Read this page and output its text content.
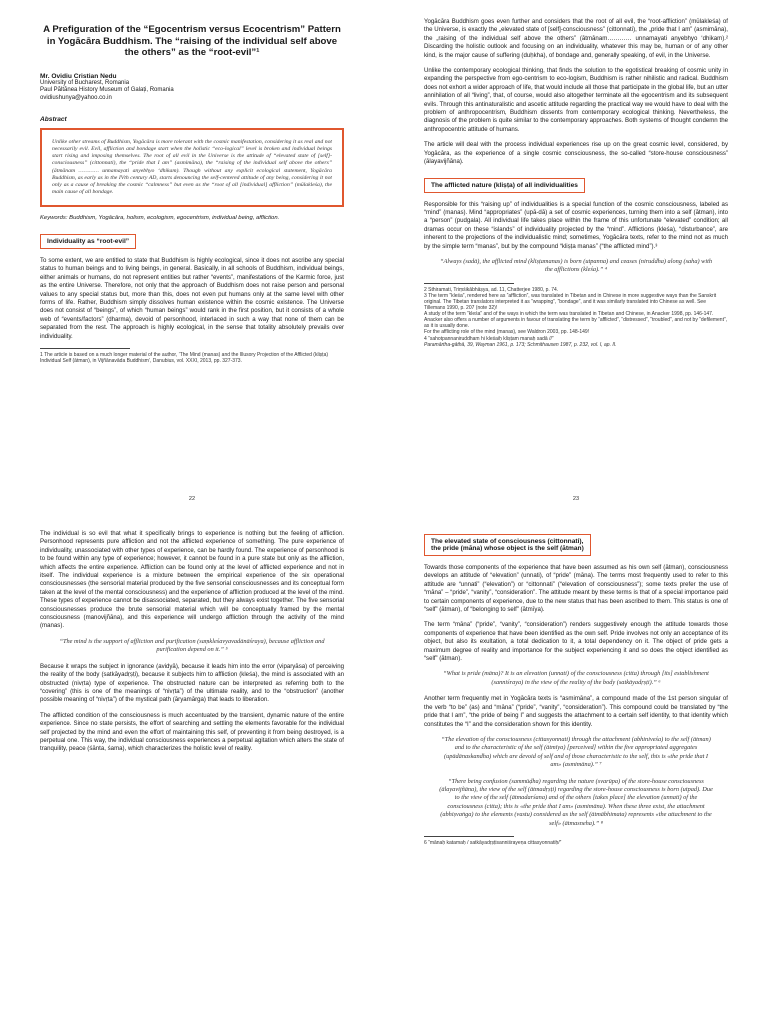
A Prefiguration of the “Egocentrism versus Ecocentrism” Pattern in Yogācāra Buddhism. The “raising of the individual self above the others” as the “root-evil”¹
Mr. Ovidiu Cristian Nedu
University of Bucharest, Romania
Paul Păltănea History Museum of Galați, Romania
ovidiushunya@yahoo.co.in
Abstract
Unlike other streams of Buddhism, Yogācāra is more tolerant with the cosmic manifestation, considering it as real and not necessarily evil. Evil, affliction and bondage start when the holistic “eco-logical” level is broken and individual beings start rising and imposing themselves. The root of all evil in the Universe is the attitude of “elevated state of [self]-consciousness” (cittonnati), the “pride that I am” (asmimāna), the “raising of the individual self above the others” (ātmānam ………… unnamayati anyebhyo ‘dhikam). Though without any explicit ecological statement, Yogācāra Buddhism, as early as in the IVth century AD, starts denouncing the self-centered attitude of any being, considering it not only as a cause of breaking the cosmic “calmness” but even as the “root of all [individual] affliction” (mūlakleśa), the main cause of all bondage.
Keywords: Buddhism, Yogācāra, holism, ecologism, egocentrism, individual being, affliction.
Individuality as “root-evil”

To some extent, we are entitled to state that Buddhism is highly ecological, since it does not ascribe any special status to human beings and to living beings, in general. Basically, in all schools of Buddhism, individual beings, either animals or humans, do not represent entities but rather “events”, manifestations of the Karmic force, just as the entire Universe. Therefore, not only that the approach of Buddhism does not raise person and personal values to any special status but, more than this, does not even put humans only at the same level with other forms of life. Rather, Buddhism simply dissolves human existence within the cosmic existence. The Universe does not consist of “beings”, of which “human beings” would rank in the first position, but it consists of a whole web of “events/factors” (dharma), devoid of personhood, interlaced in such a way that none of them can be separated from the rest. The approach is highly ecological, in the sense that totality absolutely prevails over individuality.

1 The article is based on a much longer material of the author, ‘The Mind (manas) and the Illusory Projection of the Afflicted (kliṣṭa) Individual Self (ātman), in Vijñānavāda Buddhism’, Danubius, vol. XXXI, 2013, pp. 327-373.
22

Yogācāra Buddhism goes even further and considers that the root of all evil, the “root-affliction” (mūlakleśa) of the Universe, is exactly the „elevated state of [self]-consciousness” (cittonnati), the „pride that I am” (asmimāna), the „raising of the individual self above the others” (ātmānam………… unnamayati anyebhyo ‘dhikam).² Discarding the holistic outlook and focusing on an individuality, whatever this may be, human or of any other kind, is the major cause of suffering (duḥkha), of bondage and, generally speaking, of evil, in the Universe.

Unlike the contemporary ecological thinking, that finds the solution to the egotistical breaking of cosmic unity in expanding the perspective from ego-centrism to eco-logism, Buddhism is rather nihilistic and radical. Buddhism does not exhort a wider approach of life, that would include all those that participate in the global life, but an utter annihilation of all “living”, that, of course, would also altogether terminate all the egocentrism and its subsequent evils. Through this antinaturalistic and ascetic attitude regarding the practical way we would have to deal with the problem of anthropocentrism, Buddhism dissents from contemporary ecological thinking. Nevertheless, the diagnosis of the problem is quite similar to the contemporary approaches. Both systems of thought condemn the anthropocentric attitude of humans.

The article will deal with the process individual experiences rise up on the great cosmic level, considered, by Yogācāra, as the experience of a single cosmic consciousness, the so-called “store-house consciousness” (ālayavijñāna).

The afflicted nature (kliṣṭa) of all individualities

Responsible for this “raising up” of individualities is a special function of the cosmic consciousness, labeled as “mind” (manas). Mind “appropriates” (upā-dā) a set of cosmic experiences, turning them into a self (ātman), into a “person” (pudgala). All individual life takes place within the frame of this unfortunate “elevated” condition; all dramas occur on these “islands” of individuality projected by the “mind”. Afflictions (kleśa), “disturbance”, are inherent to the projections of the individualistic mind; sometimes, Yogācāra texts, refer to the mind not as much by the simple term “manas”, but by the compound “kliṣṭa manas” (“the afflicted mind”).³

“Always (sadā), the afflicted mind (kliṣṭamanas) is born (utpanna) and ceases (niruddha) along (saha) with the afflictions (kleśa).” ⁴
2 Sthiramati, Triṃśikābhāṣya, ad. 11, Chatterjee 1980, p. 74.
3 The term “kleśa”, rendered here as “affliction”, was translated in Tibetan and in Chinese in more suggestive ways than the Sanskrit original. The Tibetan translators interpreted it as “wrapping”, “bondage”, and it was similarly translated into Chinese as well. See Tillemans 1990, p. 207 (note 32)!
A study of the term “kleśa” and of the ways in which the term was translated in Tibetan and Chinese, in Anacker 1998, pp. 146-147. Anacker also offers a number of arguments in favour of translating the term by “afflicted”, “distressed”, “troubled”, and not by “defilement”, as it is usually done.
For the afflicting role of the mind (manas), see Waldron 2003, pp. 148-149!
4 “sahotpannaniruddham hi kleśaiḥ kliṣṭam manaḥ sadā //”
Paramārtha-gāthā, 39, Wayman 1961, p. 173; Schmithausen 1987, p. 232, vol. I, ap. II.
23

The individual is so evil that what it specifically brings to experience is nothing but the feeling of affliction. Personhood represents pure affliction and not the afflicted experience of something. The pure experience of individuality, unassociated with other types of experience, can be hardly found. The experience of personhood is to be found within any type of experience; however, it cannot be found in a pure state but only as the affliction, which affects the entire experience. Affliction can be found only at the level of afflicted experience and not in itself. The individual experience is a mixture between the empirical experience of the six operational consciousnesses (the sensorial material produced by the five sensorial consciousnesses and its conceptual form taken at the level of the mental consciousness) and the experience of affliction produced at the level of the mind. These types of experience cannot be disassociated, separated, but they always exist together. The five sensorial consciousnesses produce the brute sensorial material which will be conceptually framed by the mental consciousness (manovijñāna), and this experience will undergo affliction through the activity of the mind (manas).

“The mind is the support of affliction and purification (saṃkleśavyavadānāśraya), because affliction and purification depend on it.” ⁵

Because it wraps the subject in ignorance (avidyā), because it leads him into the error (viparyāsa) of perceiving the reality of the body (satkāyadṛṣṭi), because it subjects him to affliction (kleśa), the mind is associated with an obstructed (nivṛta) type of experience. The obstructed nature can be interpreted as referring both to the “covering” (this is one of the meanings of “nivṛta”) of the ultimate reality, and to the “obstruction” (another possible meaning of “nivṛta”) of the mystical path (āryamārga) that leads to liberation.

The afflicted condition of the consciousness is much accentuated by the transient, dynamic nature of the entire experience. Since no state persists, the effort of searching and settling the elements favorable for the individual self projected by the mind and even the effort of maintaining this self, of preventing it from being destroyed, is a perpetual one. This way, the individual consciousness experiences a perpetual agitation which alters the state of tranquility, peace (śānta, śama), which characterizes the holistic level of reality.

The elevated state of consciousness (cittonnati),
the pride (māna) whose object is the self (ātman)

Towards those components of the experience that have been assumed as his own self (ātman), consciousness develops an attitude of “elevation” (unnati), of “pride” (māna). The terms most frequently used to refer to this attitude are “unnati” (“elevation”) or “cittonnati” (“elevation of consciousness”); some texts prefer the use of “māna” – “pride”, “vanity”, “consideration”. The attitude meant by these terms is that of a special importance paid to certain components of experience, due to the new status that has been ascribed to them. This status is one of “self” (ātman), of “belonging to self” (ātmīya).

The term “māna” (“pride”, “vanity”, “consideration”) renders suggestively enough the attitude towards those components of experience that have been identified as the own self. Pride involves not only an acceptance of its object, but also its exultation, a total dedication to it, a total dependency on it. The object of pride gets a maximum degree of reality and importance for the subject experiencing it and so does the object identified as “self” (ātman).

“What is pride (māna)? It is an elevation (unnati) of the consciousness (citta) through [its] establishment (sanniśraya) in the view of the reality of the body (satkāyadṛṣṭi).” ⁶

Another term frequently met in Yogācāra texts is “asmimāna”, a compound made of the 1st person singular of the verb “to be” (as) and “māna” (“pride”, “vanity”, “consideration”). This compound could be translated by “the pride that I am”, “the pride of being I” and suggests the attachment to a certain self identity, to that identity which constitutes the “I” and the consideration shown for this identity.

“The elevation of the consciousness (cittasyonnati) through the attachment (abhiniveśa) to the self (ātman) and to the characteristic of the self (ātmīya) [perceived] within the five appropriated aggregates (upādānaskandha) which are devoid of self and of those characteristic to the self, this is «the pride that I am» (asmimāna).” ⁷
“There being confusion (sammūḍha) regarding the nature (svarūpa) of the store-house consciousness (ālayavijñāna), the view of the self (ātmadṛṣṭi) regarding the store-house consciousness is born (utpad). Due to the view of the self (ātmadarśana) and of the others [takes place] the elevation (unnati) of the consciousness (citta); this is «the pride that I am» (asmimāna). When these three exist, the attachment (abhiṣvaṅga) to the elements (vastu) considered as the self (ātmābhimata) represents «the attachment to the self» (ātmasneha).” ⁸
6 “mānaḥ katamaḥ / satkāyadṛṣṭisanniśrayeṇa cittasyonnatiḥ/”
